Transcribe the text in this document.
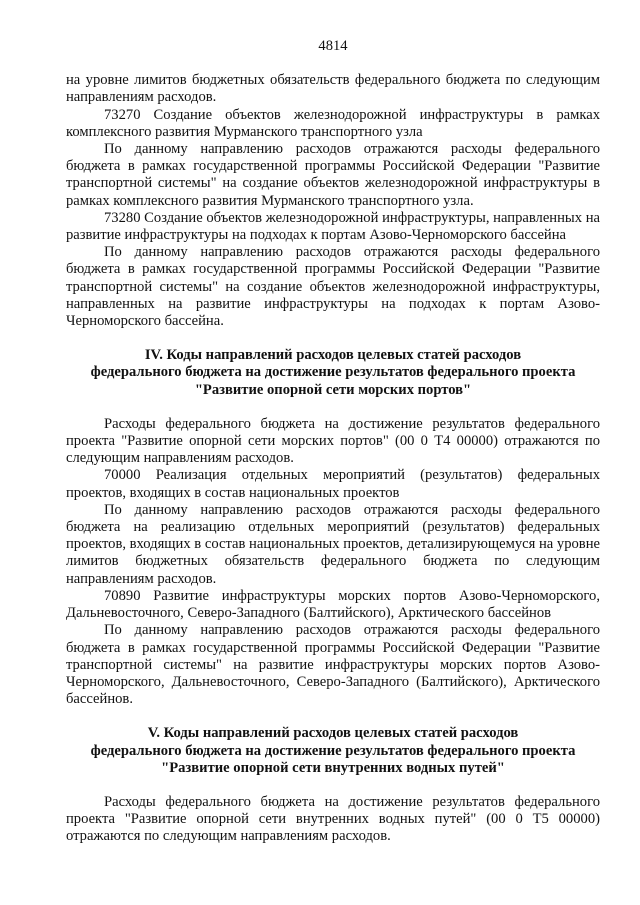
4814

на уровне лимитов бюджетных обязательств федерального бюджета по следующим направлениям расходов.

73270 Создание объектов железнодорожной инфраструктуры в рамках комплексного развития Мурманского транспортного узла

По данному направлению расходов отражаются расходы федерального бюджета в рамках государственной программы Российской Федерации "Развитие транспортной системы" на создание объектов железнодорожной инфраструктуры в рамках комплексного развития Мурманского транспортного узла.

73280 Создание объектов железнодорожной инфраструктуры, направленных на развитие инфраструктуры на подходах к портам Азово-Черноморского бассейна

По данному направлению расходов отражаются расходы федерального бюджета в рамках государственной программы Российской Федерации "Развитие транспортной системы" на создание объектов железнодорожной инфраструктуры, направленных на развитие инфраструктуры на подходах к портам Азово-Черноморского бассейна.

IV. Коды направлений расходов целевых статей расходов
федерального бюджета на достижение результатов федерального проекта
"Развитие опорной сети морских портов"

Расходы федерального бюджета на достижение результатов федерального проекта "Развитие опорной сети морских портов" (00 0 Т4 00000) отражаются по следующим направлениям расходов.

70000 Реализация отдельных мероприятий (результатов) федеральных проектов, входящих в состав национальных проектов

По данному направлению расходов отражаются расходы федерального бюджета на реализацию отдельных мероприятий (результатов) федеральных проектов, входящих в состав национальных проектов, детализирующемуся на уровне лимитов бюджетных обязательств федерального бюджета по следующим направлениям расходов.

70890 Развитие инфраструктуры морских портов Азово-Черноморского, Дальневосточного, Северо-Западного (Балтийского), Арктического бассейнов

По данному направлению расходов отражаются расходы федерального бюджета в рамках государственной программы Российской Федерации "Развитие транспортной системы" на развитие инфраструктуры морских портов Азово-Черноморского, Дальневосточного, Северо-Западного (Балтийского), Арктического бассейнов.

V. Коды направлений расходов целевых статей расходов
федерального бюджета на достижение результатов федерального проекта
"Развитие опорной сети внутренних водных путей"

Расходы федерального бюджета на достижение результатов федерального проекта "Развитие опорной сети внутренних водных путей" (00 0 Т5 00000) отражаются по следующим направлениям расходов.
